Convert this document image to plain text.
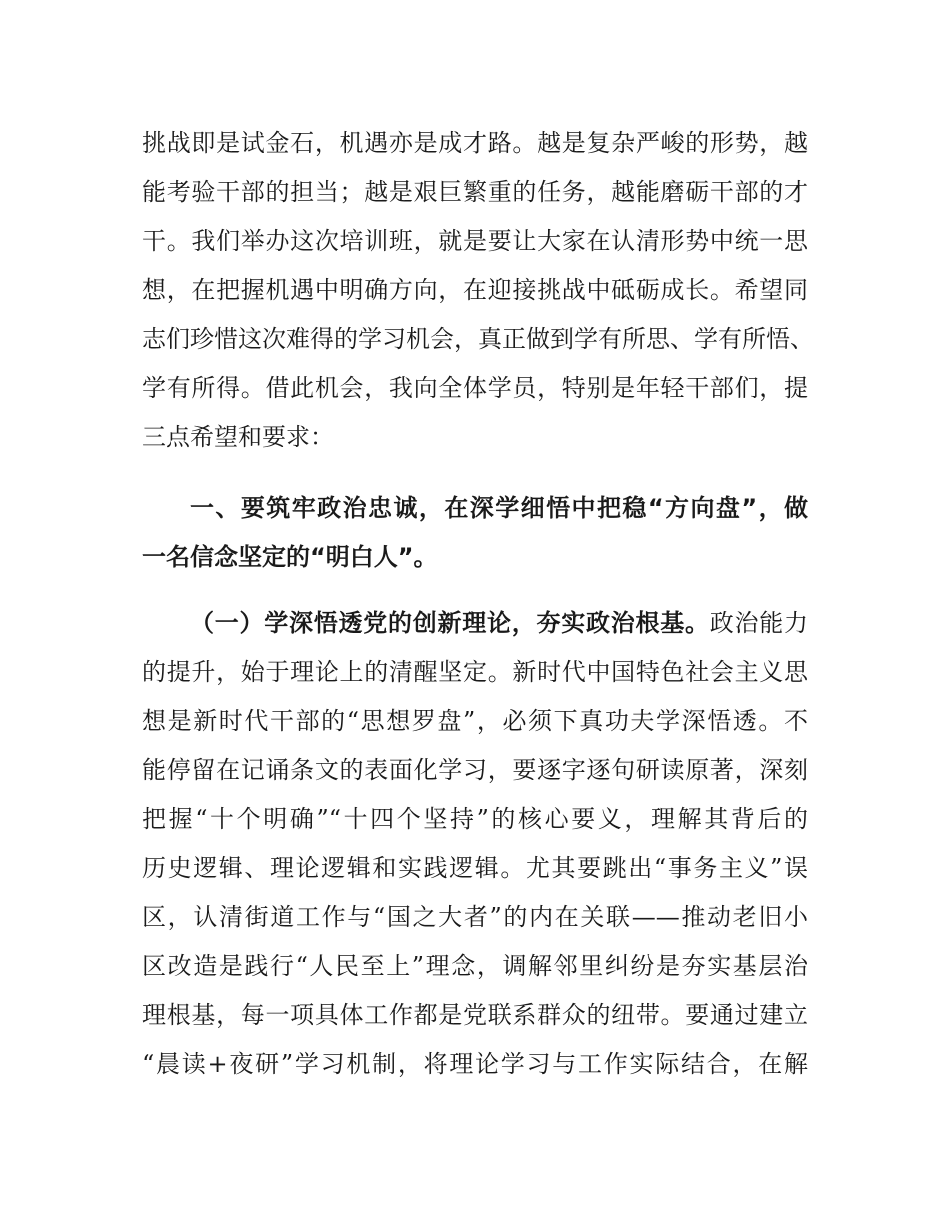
挑战即是试金石，机遇亦是成才路。越是复杂严峻的形势，越
能考验干部的担当；越是艰巨繁重的任务，越能磨砺干部的才
干。我们举办这次培训班，就是要让大家在认清形势中统一思
想，在把握机遇中明确方向，在迎接挑战中砥砺成长。希望同
志们珍惜这次难得的学习机会，真正做到学有所思、学有所悟、
学有所得。借此机会，我向全体学员，特别是年轻干部们，提
三点希望和要求：
一、要筑牢政治忠诚，在深学细悟中把稳“方向盘”，做
一名信念坚定的“明白人”。
（一）学深悟透党的创新理论，夯实政治根基。政治能力
的提升，始于理论上的清醒坚定。新时代中国特色社会主义思
想是新时代干部的“思想罗盘”，必须下真功夫学深悟透。不
能停留在记诵条文的表面化学习，要逐字逐句研读原著，深刻
把握“十个明确”“十四个坚持”的核心要义，理解其背后的
历史逻辑、理论逻辑和实践逻辑。尤其要跳出“事务主义”误
区，认清街道工作与“国之大者”的内在关联——推动老旧小
区改造是践行“人民至上”理念，调解邻里纠纷是夯实基层治
理根基，每一项具体工作都是党联系群众的纽带。要通过建立
“晨读+夜研”学习机制，将理论学习与工作实际结合，在解
